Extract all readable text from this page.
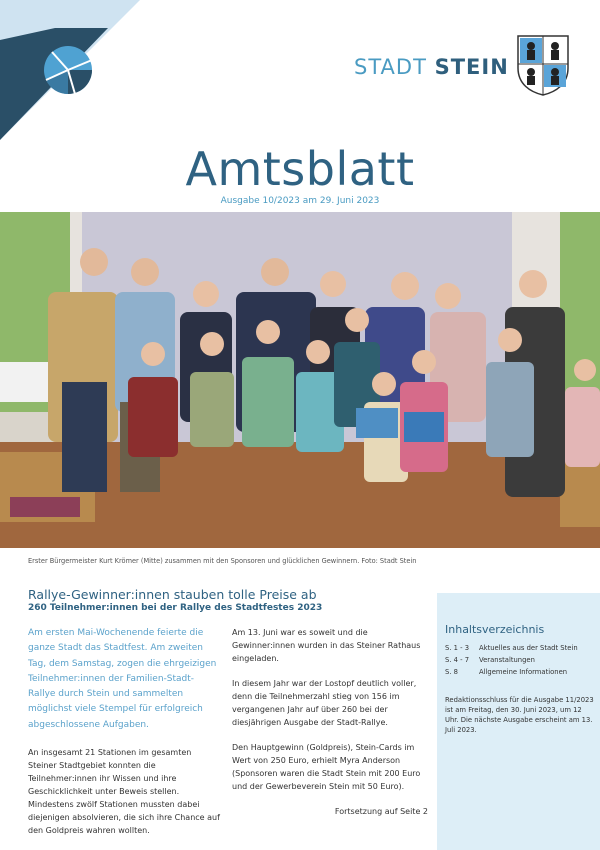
STADT STEIN
Amtsblatt
Ausgabe 10/2023 am 29. Juni 2023
Erster Bürgermeister Kurt Krömer (Mitte) zusammen mit den Sponsoren und glücklichen Gewinnern. Foto: Stadt Stein
Rallye-Gewinner:innen stauben tolle Preise ab
260 Teilnehmer:innen bei der Rallye des Stadtfestes 2023

Am ersten Mai-Wochenende feierte die ganze Stadt das Stadtfest. Am zweiten Tag, dem Samstag, zogen die ehrgeizigen Teilnehmer:innen der Familien-Stadt-Rallye durch Stein und sammelten möglichst viele Stempel für erfolgreich abgeschlossene Aufgaben.

An insgesamt 21 Stationen im gesamten Steiner Stadtgebiet konnten die Teilnehmer:innen ihr Wissen und ihre Geschicklichkeit unter Beweis stellen. Mindestens zwölf Stationen mussten dabei diejenigen absolvieren, die sich ihre Chance auf den Goldpreis wahren wollten.

Am 13. Juni war es soweit und die Gewinner:innen wurden in das Steiner Rathaus eingeladen.

In diesem Jahr war der Lostopf deutlich voller, denn die Teilnehmerzahl stieg von 156 im vergangenen Jahr auf über 260 bei der diesjährigen Ausgabe der Stadt-Rallye.

Den Hauptgewinn (Goldpreis), Stein-Cards im Wert von 250 Euro, erhielt Myra Anderson (Sponsoren waren die Stadt Stein mit 200 Euro und der Gewerbeverein Stein mit 50 Euro).

Fortsetzung auf Seite 2
Inhaltsverzeichnis
S. 1 - 3 Aktuelles aus der Stadt Stein
S. 4 - 7 Veranstaltungen
S. 8	Allgemeine Informationen
Redaktionsschluss für die Ausgabe 11/2023 ist am Freitag, den 30. Juni 2023, um 12 Uhr. Die nächste Ausgabe erscheint am 13. Juli 2023.
